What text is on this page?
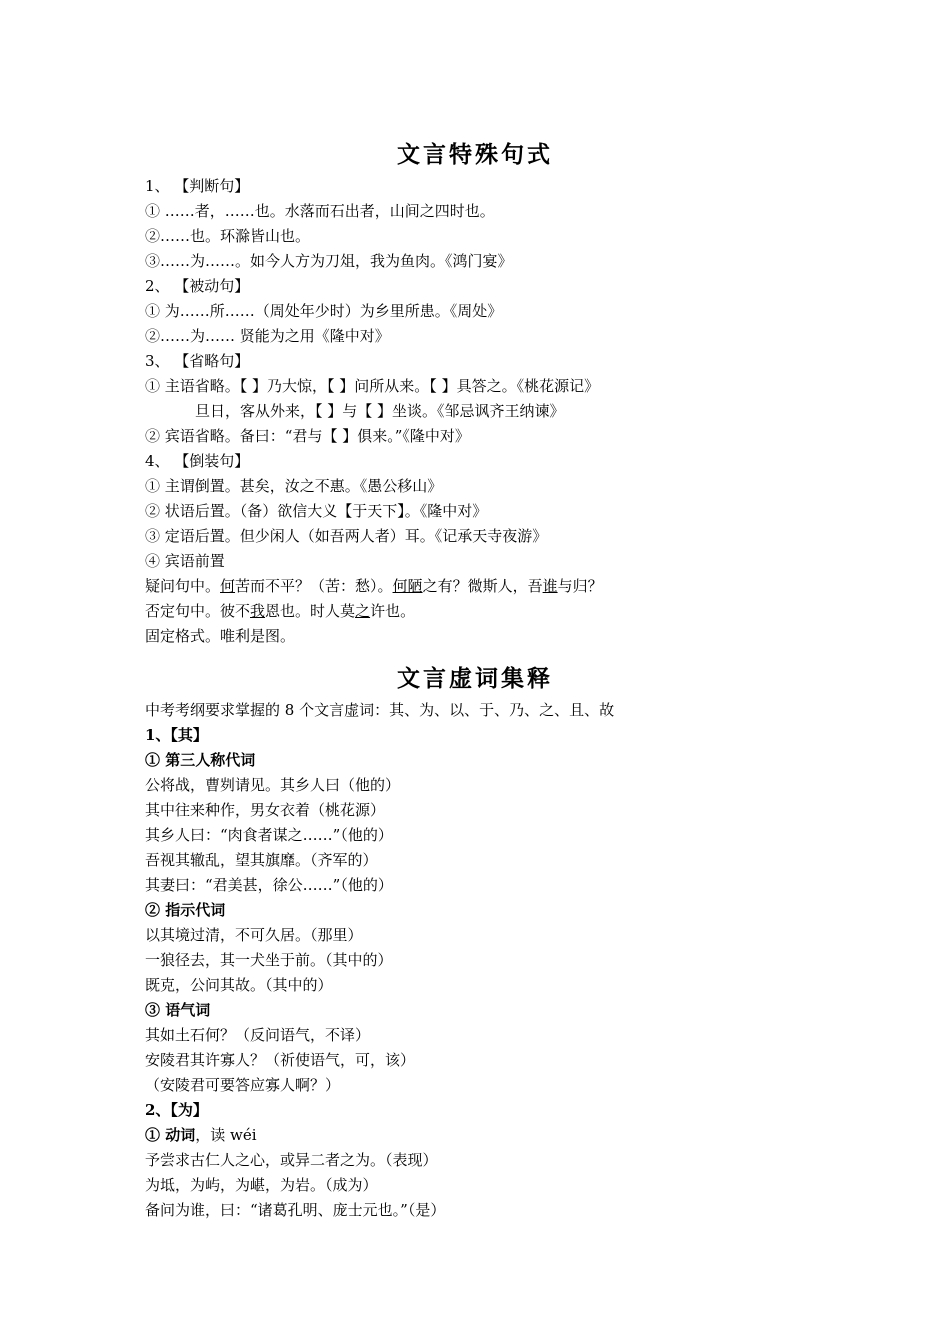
文言特殊句式
1、 【判断句】
① ……者，……也。水落而石出者，山间之四时也。
②……也。环滁皆山也。
③……为……。如今人方为刀俎，我为鱼肉。《鸿门宴》
2、 【被动句】
① 为……所……（周处年少时）为乡里所患。《周处》
②……为…… 贤能为之用《隆中对》
3、 【省略句】
① 主语省略。【 】乃大惊，【 】问所从来。【 】具答之。《桃花源记》
旦日，客从外来，【 】与【 】坐谈。《邹忌讽齐王纳谏》
② 宾语省略。备曰：“君与【 】俱来。”《隆中对》
4、 【倒装句】
① 主谓倒置。甚矣，汝之不惠。《愚公移山》
② 状语后置。（备）欲信大义【于天下】。《隆中对》
③ 定语后置。但少闲人（如吾两人者）耳。《记承天寺夜游》
④ 宾语前置
疑问句中。何苦而不平？（苦：愁）。何陋之有？微斯人，吾谁与归？
否定句中。彼不我恩也。时人莫之许也。
固定格式。唯利是图。
文言虚词集释
中考考纲要求掌握的 8 个文言虚词：其、为、以、于、乃、之、且、故
1、【其】
① 第三人称代词
公将战，曹刿请见。其乡人曰（他的）
其中往来种作，男女衣着（桃花源）
其乡人曰：“肉食者谋之……”（他的）
吾视其辙乱，望其旗靡。（齐军的）
其妻曰：“君美甚，徐公……”（他的）
② 指示代词
以其境过清，不可久居。（那里）
一狼径去，其一犬坐于前。（其中的）
既克，公问其故。（其中的）
③ 语气词
其如土石何？（反问语气，不译）
安陵君其许寡人？（祈使语气，可，该）
（安陵君可要答应寡人啊？）
2、【为】
① 动词，读 wéi
予尝求古仁人之心，或异二者之为。（表现）
为坻，为屿，为嵁，为岩。（成为）
备问为谁，曰：“诸葛孔明、庞士元也。”（是）
